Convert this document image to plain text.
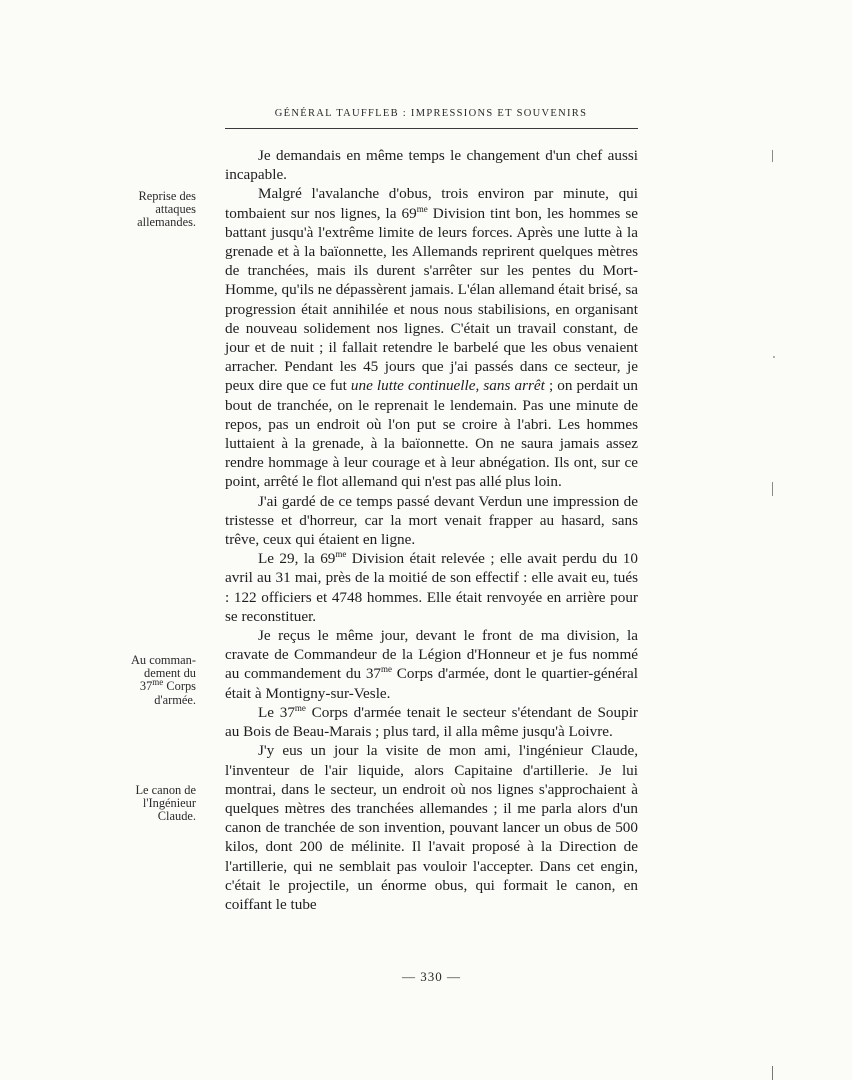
GÉNÉRAL TAUFFLEB : IMPRESSIONS ET SOUVENIRS
Reprise des
attaques
allemandes.
Au comman-
dement du
$37^{me}$ Corps
d'armée.
Le canon de
l'Ingénieur
Claude.

Je demandais en même temps le changement d'un chef aussi incapable.

Malgré l'avalanche d'obus, trois environ par minute, qui tombaient sur nos lignes, la $69^{me}$ Division tint bon, les hommes se battant jusqu'à l'extrême limite de leurs forces. Après une lutte à la grenade et à la baïonnette, les Allemands reprirent quelques mètres de tranchées, mais ils durent s'arrêter sur les pentes du Mort-Homme, qu'ils ne dépassèrent jamais. L'élan allemand était brisé, sa progression était annihilée et nous nous stabilisions, en organisant de nouveau solidement nos lignes. C'était un travail constant, de jour et de nuit ; il fallait retendre le barbelé que les obus venaient arracher. Pendant les 45 jours que j'ai passés dans ce secteur, je peux dire que ce fut une lutte continuelle, sans arrêt ; on perdait un bout de tranchée, on le reprenait le lendemain. Pas une minute de repos, pas un endroit où l'on put se croire à l'abri. Les hommes luttaient à la grenade, à la baïonnette. On ne saura jamais assez rendre hommage à leur courage et à leur abnégation. Ils ont, sur ce point, arrêté le flot allemand qui n'est pas allé plus loin.

J'ai gardé de ce temps passé devant Verdun une impression de tristesse et d'horreur, car la mort venait frapper au hasard, sans trêve, ceux qui étaient en ligne.

Le 29, la $69^{me}$ Division était relevée ; elle avait perdu du 10 avril au 31 mai, près de la moitié de son effectif : elle avait eu, tués : 122 officiers et 4748 hommes. Elle était renvoyée en arrière pour se reconstituer.

Je reçus le même jour, devant le front de ma division, la cravate de Commandeur de la Légion d'Honneur et je fus nommé au commandement du $37^{me}$ Corps d'armée, dont le quartier-général était à Montigny-sur-Vesle.

Le $37^{me}$ Corps d'armée tenait le secteur s'étendant de Soupir au Bois de Beau-Marais ; plus tard, il alla même jusqu'à Loivre.

J'y eus un jour la visite de mon ami, l'ingénieur Claude, l'inventeur de l'air liquide, alors Capitaine d'artillerie. Je lui montrai, dans le secteur, un endroit où nos lignes s'approchaient à quelques mètres des tranchées allemandes ; il me parla alors d'un canon de tranchée de son invention, pouvant lancer un obus de 500 kilos, dont 200 de mélinite. Il l'avait proposé à la Direction de l'artillerie, qui ne semblait pas vouloir l'accepter. Dans cet engin, c'était le projectile, un énorme obus, qui formait le canon, en coiffant le tube

— 330 —
